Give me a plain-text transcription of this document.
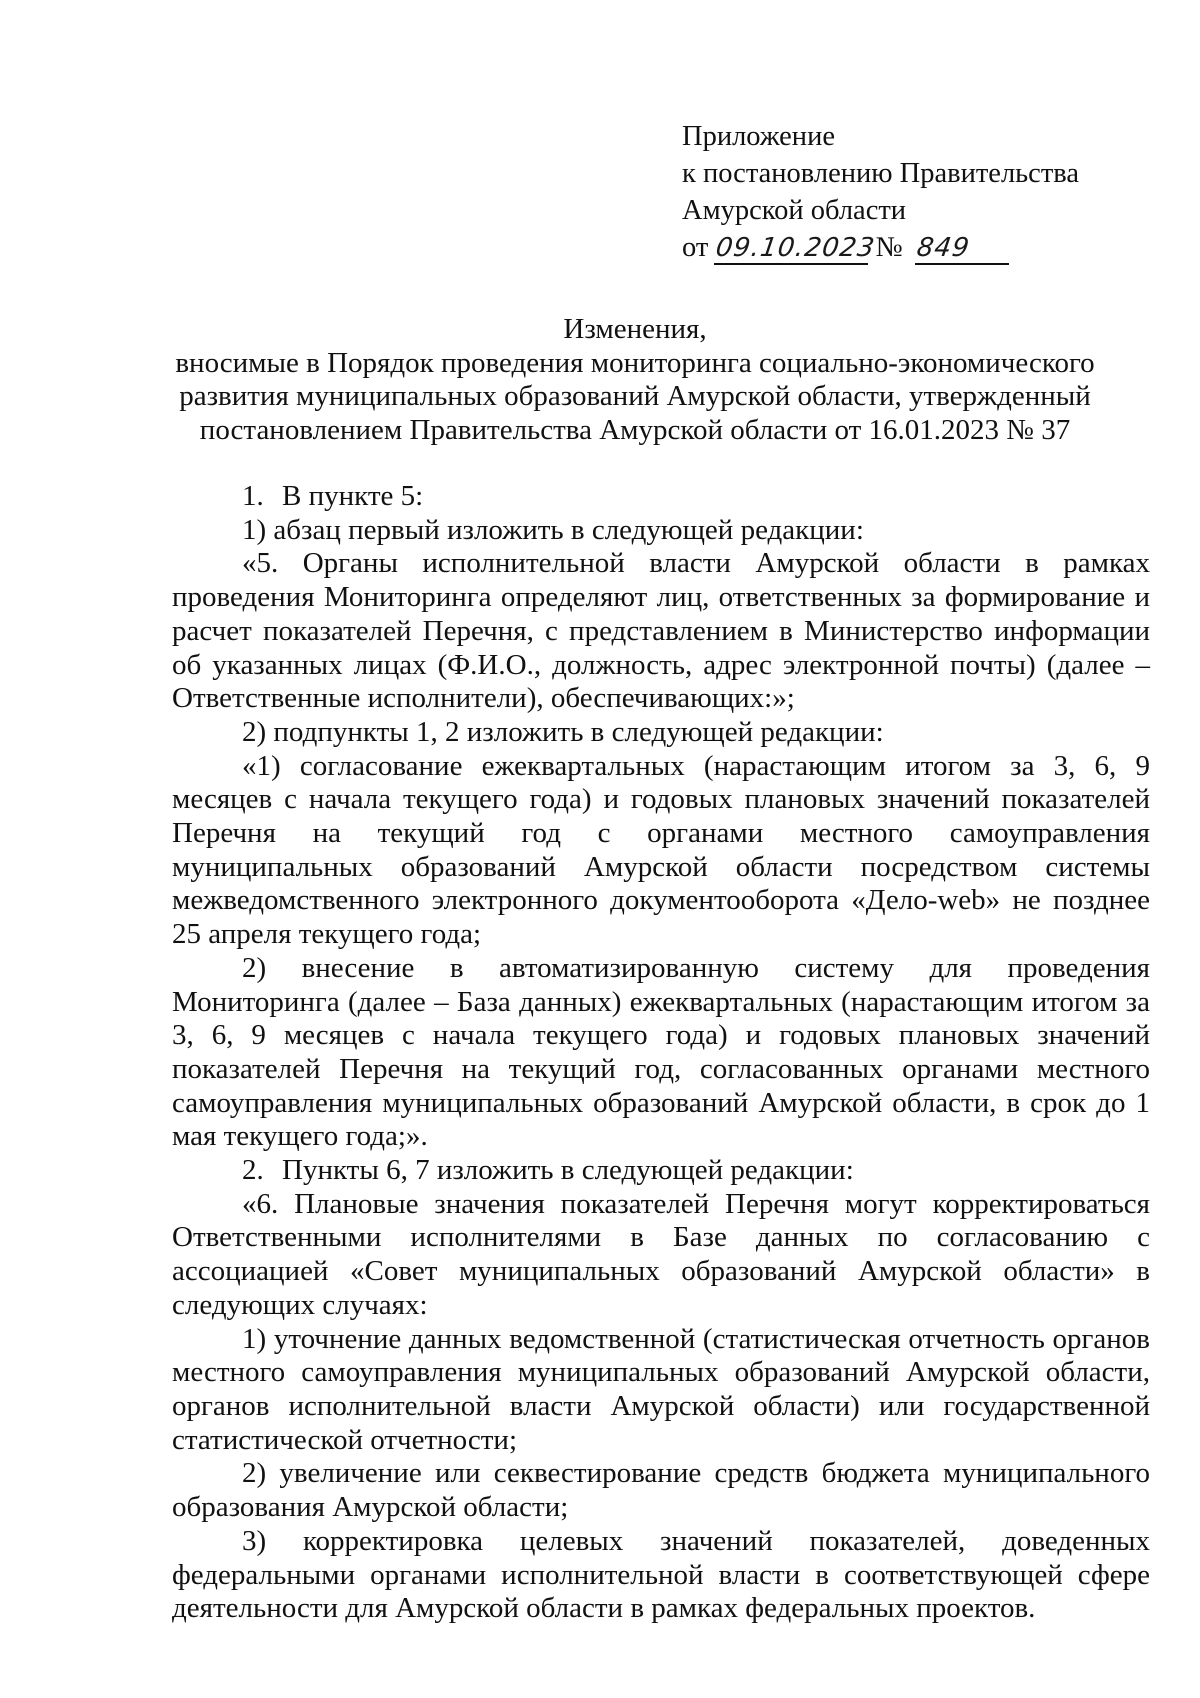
Приложение
к постановлению Правительства
Амурской области
от 09.10.2023 № 849
Изменения,
вносимые в Порядок проведения мониторинга социально-экономического
развития муниципальных образований Амурской области, утвержденный
постановлением Правительства Амурской области от 16.01.2023 № 37

1. В пункте 5:

1) абзац первый изложить в следующей редакции:

«5. Органы исполнительной власти Амурской области в рамках проведения Мониторинга определяют лиц, ответственных за формирование и расчет показателей Перечня, с представлением в Министерство информации об указанных лицах (Ф.И.О., должность, адрес электронной почты) (далее – Ответственные исполнители), обеспечивающих:»;

2) подпункты 1, 2 изложить в следующей редакции:

«1) согласование ежеквартальных (нарастающим итогом за 3, 6, 9 месяцев с начала текущего года) и годовых плановых значений показателей Перечня на текущий год с органами местного самоуправления муниципальных образований Амурской области посредством системы межведомственного электронного документооборота «Дело-web» не позднее 25 апреля текущего года;

2) внесение в автоматизированную систему для проведения Мониторинга (далее – База данных) ежеквартальных (нарастающим итогом за 3, 6, 9 месяцев с начала текущего года) и годовых плановых значений показателей Перечня на текущий год, согласованных органами местного самоуправления муниципальных образований Амурской области, в срок до 1 мая текущего года;».

2. Пункты 6, 7 изложить в следующей редакции:

«6. Плановые значения показателей Перечня могут корректироваться Ответственными исполнителями в Базе данных по согласованию с ассоциацией «Совет муниципальных образований Амурской области» в следующих случаях:

1) уточнение данных ведомственной (статистическая отчетность органов местного самоуправления муниципальных образований Амурской области, органов исполнительной власти Амурской области) или государственной статистической отчетности;

2) увеличение или секвестирование средств бюджета муниципального образования Амурской области;

3) корректировка целевых значений показателей, доведенных федеральными органами исполнительной власти в соответствующей сфере деятельности для Амурской области в рамках федеральных проектов.
